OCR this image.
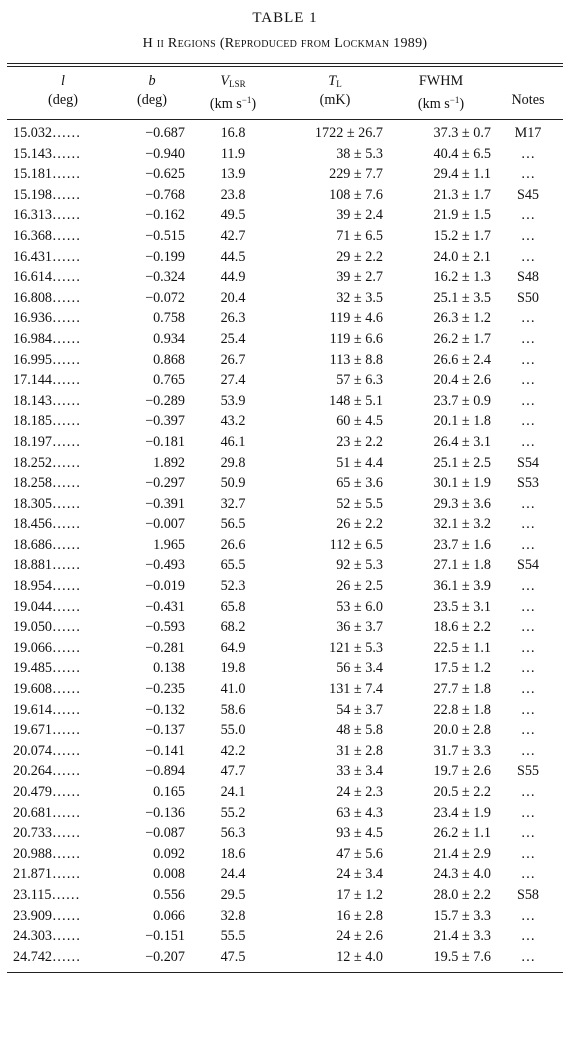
TABLE 1
H ii Regions (Reproduced from Lockman 1989)
l	b	$V_{LSR}$	$T_L$	FWHM	
(deg)	(deg)	(km $s^{-1}$)	(mK)	(km $s^{-1}$)	Notes

15.032……	−0.687	16.8	1722 ± 26.7	37.3 ± 0.7	M17
15.143……	−0.940	11.9	38 ± 5.3	40.4 ± 6.5	…
15.181……	−0.625	13.9	229 ± 7.7	29.4 ± 1.1	…
15.198……	−0.768	23.8	108 ± 7.6	21.3 ± 1.7	S45
16.313……	−0.162	49.5	39 ± 2.4	21.9 ± 1.5	…
16.368……	−0.515	42.7	71 ± 6.5	15.2 ± 1.7	…
16.431……	−0.199	44.5	29 ± 2.2	24.0 ± 2.1	…
16.614……	−0.324	44.9	39 ± 2.7	16.2 ± 1.3	S48
16.808……	−0.072	20.4	32 ± 3.5	25.1 ± 3.5	S50
16.936……	0.758	26.3	119 ± 4.6	26.3 ± 1.2	…
16.984……	0.934	25.4	119 ± 6.6	26.2 ± 1.7	…
16.995……	0.868	26.7	113 ± 8.8	26.6 ± 2.4	…
17.144……	0.765	27.4	57 ± 6.3	20.4 ± 2.6	…
18.143……	−0.289	53.9	148 ± 5.1	23.7 ± 0.9	…
18.185……	−0.397	43.2	60 ± 4.5	20.1 ± 1.8	…
18.197……	−0.181	46.1	23 ± 2.2	26.4 ± 3.1	…
18.252……	1.892	29.8	51 ± 4.4	25.1 ± 2.5	S54
18.258……	−0.297	50.9	65 ± 3.6	30.1 ± 1.9	S53
18.305……	−0.391	32.7	52 ± 5.5	29.3 ± 3.6	…
18.456……	−0.007	56.5	26 ± 2.2	32.1 ± 3.2	…
18.686……	1.965	26.6	112 ± 6.5	23.7 ± 1.6	…
18.881……	−0.493	65.5	92 ± 5.3	27.1 ± 1.8	S54
18.954……	−0.019	52.3	26 ± 2.5	36.1 ± 3.9	…
19.044……	−0.431	65.8	53 ± 6.0	23.5 ± 3.1	…
19.050……	−0.593	68.2	36 ± 3.7	18.6 ± 2.2	…
19.066……	−0.281	64.9	121 ± 5.3	22.5 ± 1.1	…
19.485……	0.138	19.8	56 ± 3.4	17.5 ± 1.2	…
19.608……	−0.235	41.0	131 ± 7.4	27.7 ± 1.8	…
19.614……	−0.132	58.6	54 ± 3.7	22.8 ± 1.8	…
19.671……	−0.137	55.0	48 ± 5.8	20.0 ± 2.8	…
20.074……	−0.141	42.2	31 ± 2.8	31.7 ± 3.3	…
20.264……	−0.894	47.7	33 ± 3.4	19.7 ± 2.6	S55
20.479……	0.165	24.1	24 ± 2.3	20.5 ± 2.2	…
20.681……	−0.136	55.2	63 ± 4.3	23.4 ± 1.9	…
20.733……	−0.087	56.3	93 ± 4.5	26.2 ± 1.1	…
20.988……	0.092	18.6	47 ± 5.6	21.4 ± 2.9	…
21.871……	0.008	24.4	24 ± 3.4	24.3 ± 4.0	…
23.115……	0.556	29.5	17 ± 1.2	28.0 ± 2.2	S58
23.909……	0.066	32.8	16 ± 2.8	15.7 ± 3.3	…
24.303……	−0.151	55.5	24 ± 2.6	21.4 ± 3.3	…
24.742……	−0.207	47.5	12 ± 4.0	19.5 ± 7.6	…
